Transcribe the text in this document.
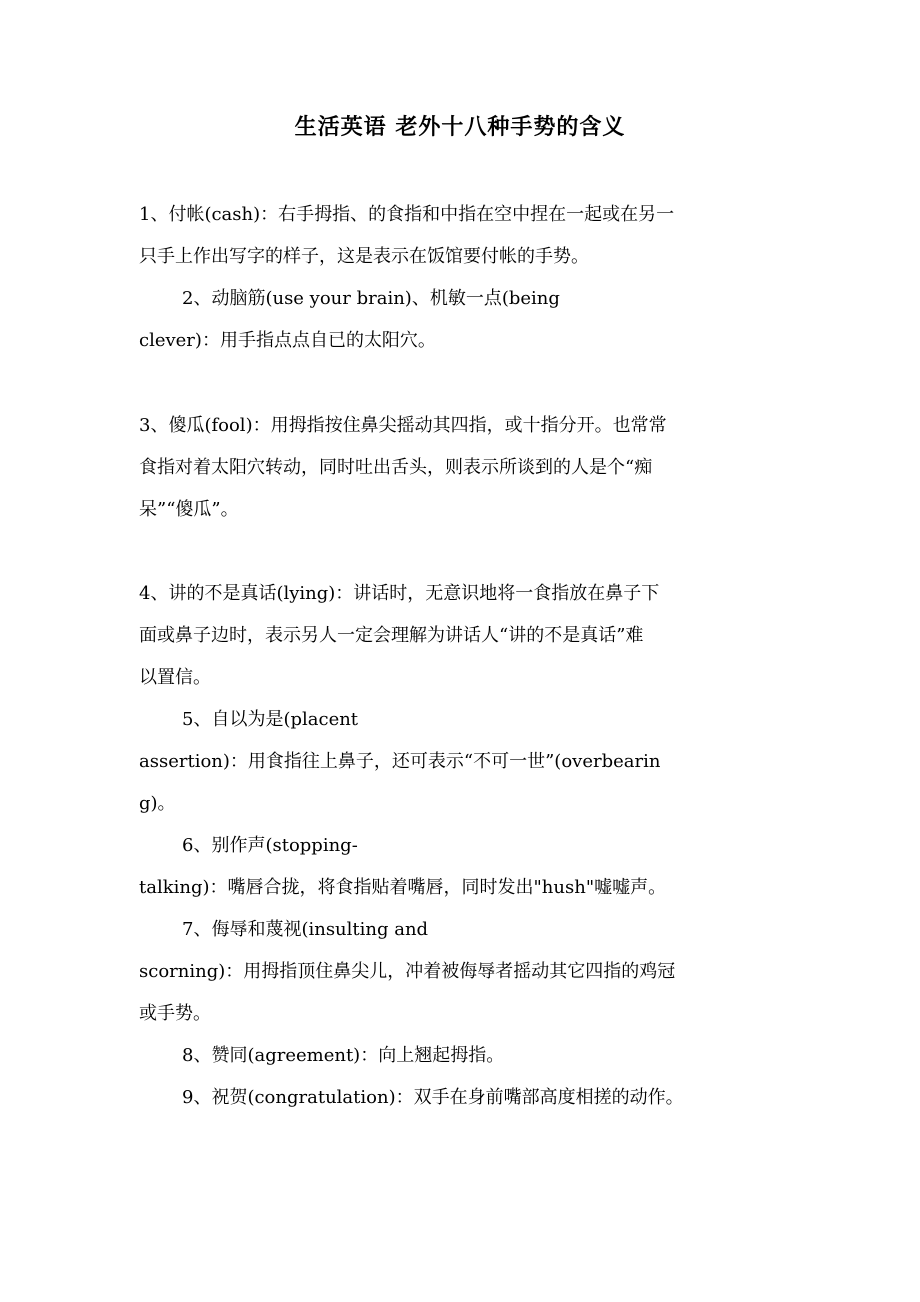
生活英语 老外十八种手势的含义

1、付帐(cash)：右手拇指、的食指和中指在空中捏在一起或在另一

只手上作出写字的样子，这是表示在饭馆要付帐的手势。

2、动脑筋(use your brain)、机敏一点(being

clever)：用手指点点自已的太阳穴。

3、傻瓜(fool)：用拇指按住鼻尖摇动其四指，或十指分开。也常常

食指对着太阳穴转动，同时吐出舌头，则表示所谈到的人是个“痴

呆”“傻瓜”。

4、讲的不是真话(lying)：讲话时，无意识地将一食指放在鼻子下

面或鼻子边时，表示另人一定会理解为讲话人“讲的不是真话”难

以置信。

5、自以为是(placent

assertion)：用食指往上鼻子，还可表示“不可一世”(overbearin

g)。

6、别作声(stopping-

talking)：嘴唇合拢，将食指贴着嘴唇，同时发出"hush"嘘嘘声。

7、侮辱和蔑视(insulting and

scorning)：用拇指顶住鼻尖儿，冲着被侮辱者摇动其它四指的鸡冠

或手势。

8、赞同(agreement)：向上翘起拇指。

9、祝贺(congratulation)：双手在身前嘴部高度相搓的动作。
